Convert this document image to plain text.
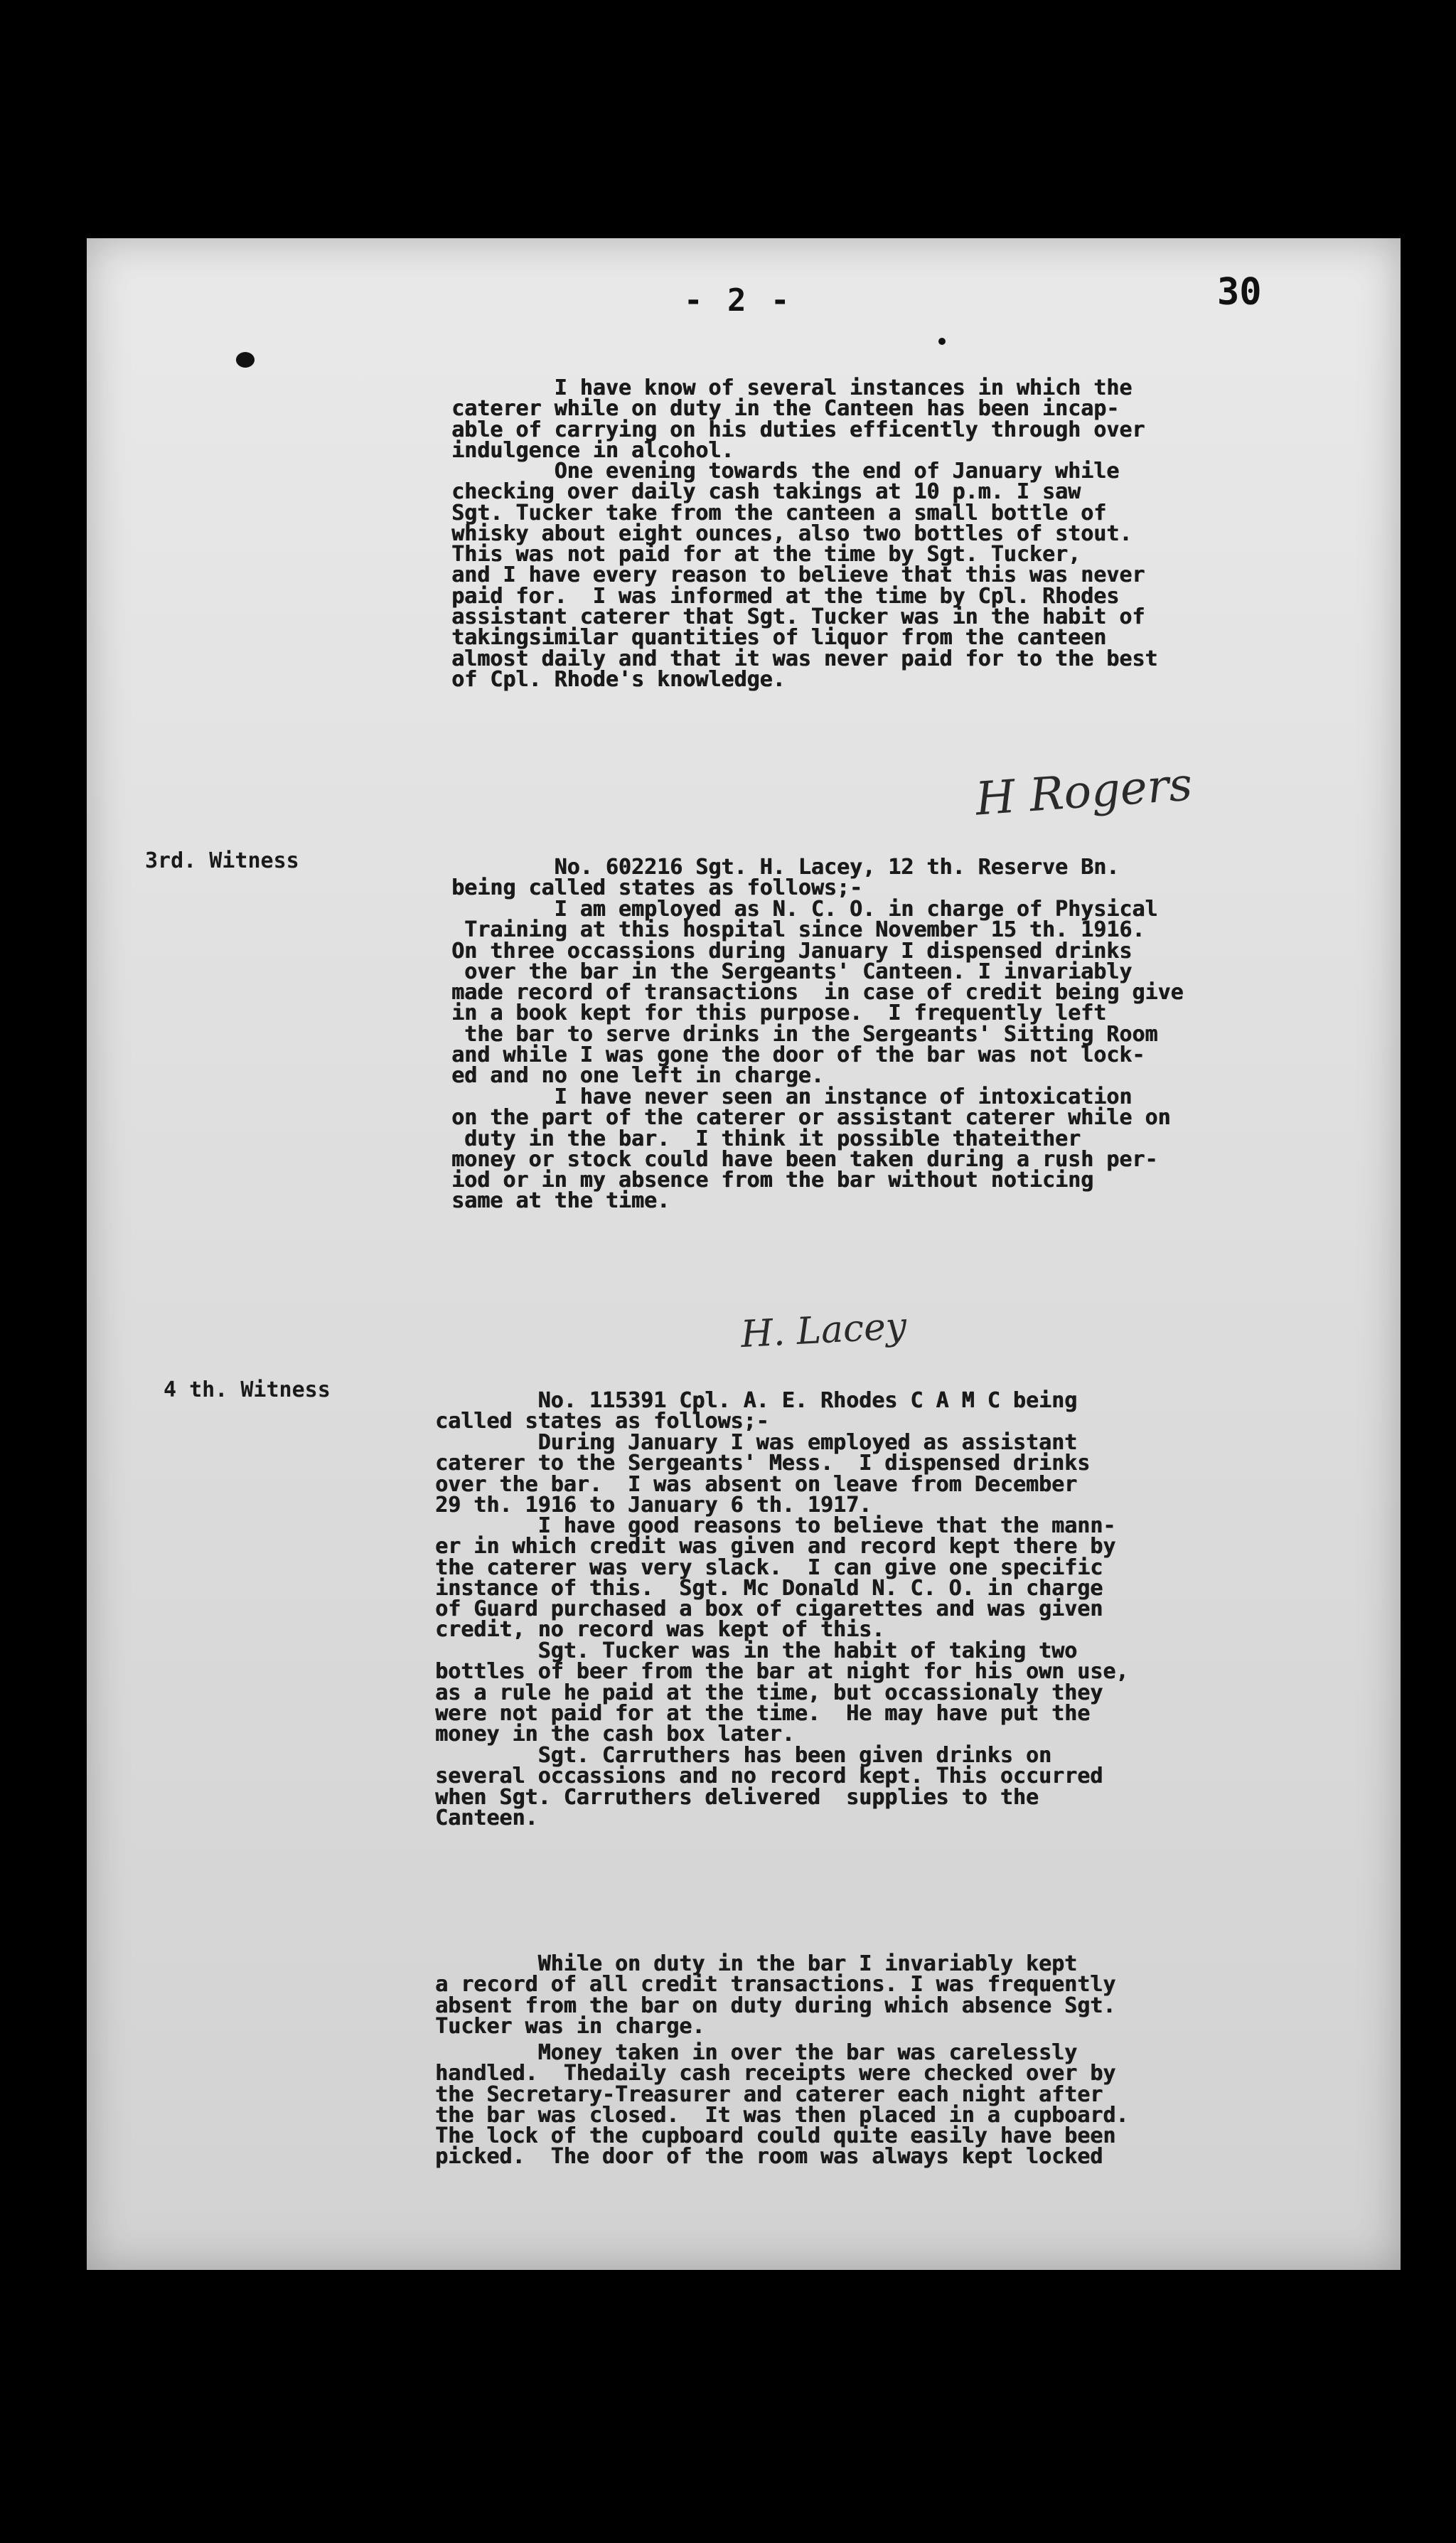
- 2 -	30

I have know of several instances in which the
caterer while on duty in the Canteen has been incap-
able of carrying on his duties efficently through over
indulgence in alcohol.

One evening towards the end of January while
checking over daily cash takings at 10 p.m. I saw
Sgt. Tucker take from the canteen a small bottle of
whisky about eight ounces, also two bottles of stout.
This was not paid for at the time by Sgt. Tucker,
and I have every reason to believe that this was never
paid for.  I was informed at the time by Cpl. Rhodes
assistant caterer that Sgt. Tucker was in the habit of
takingsimilar quantities of liquor from the canteen
almost daily and that it was never paid for to the best
of Cpl. Rhode's knowledge.

H Rogers
3rd. Witness	No. 602216 Sgt. H. Lacey, 12 th. Reserve Bn.
being called states as follows;-

I am employed as N. C. O. in charge of Physical
Training at this hospital since November 15 th. 1916.
On three occassions during January I dispensed drinks
over the bar in the Sergeants' Canteen. I invariably
made record of transactions  in case of credit being give
in a book kept for this purpose.  I frequently left
the bar to serve drinks in the Sergeants' Sitting Room
and while I was gone the door of the bar was not lock-
ed and no one left in charge.

I have never seen an instance of intoxication
on the part of the caterer or assistant caterer while on
duty in the bar.  I think it possible thateither
money or stock could have been taken during a rush per-
iod or in my absence from the bar without noticing
same at the time.

H. Lacey
4 th. Witness	No. 115391 Cpl. A. E. Rhodes C A M C being
called states as follows;-

During January I was employed as assistant
caterer to the Sergeants' Mess.  I dispensed drinks
over the bar.  I was absent on leave from December
29 th. 1916 to January 6 th. 1917.

I have good reasons to believe that the mann-
er in which credit was given and record kept there by
the caterer was very slack.  I can give one specific
instance of this.  Sgt. Mc Donald N. C. O. in charge
of Guard purchased a box of cigarettes and was given
credit, no record was kept of this.

Sgt. Tucker was in the habit of taking two
bottles of beer from the bar at night for his own use,
as a rule he paid at the time, but occassionaly they
were not paid for at the time.  He may have put the
money in the cash box later.

Sgt. Carruthers has been given drinks on
several occassions and no record kept. This occurred
when Sgt. Carruthers delivered  supplies to the
Canteen.

While on duty in the bar I invariably kept
a record of all credit transactions. I was frequently
absent from the bar on duty during which absence Sgt.
Tucker was in charge.

Money taken in over the bar was carelessly
handled.  Thedaily cash receipts were checked over by
the Secretary-Treasurer and caterer each night after
the bar was closed.  It was then placed in a cupboard.
The lock of the cupboard could quite easily have been
picked.  The door of the room was always kept locked
